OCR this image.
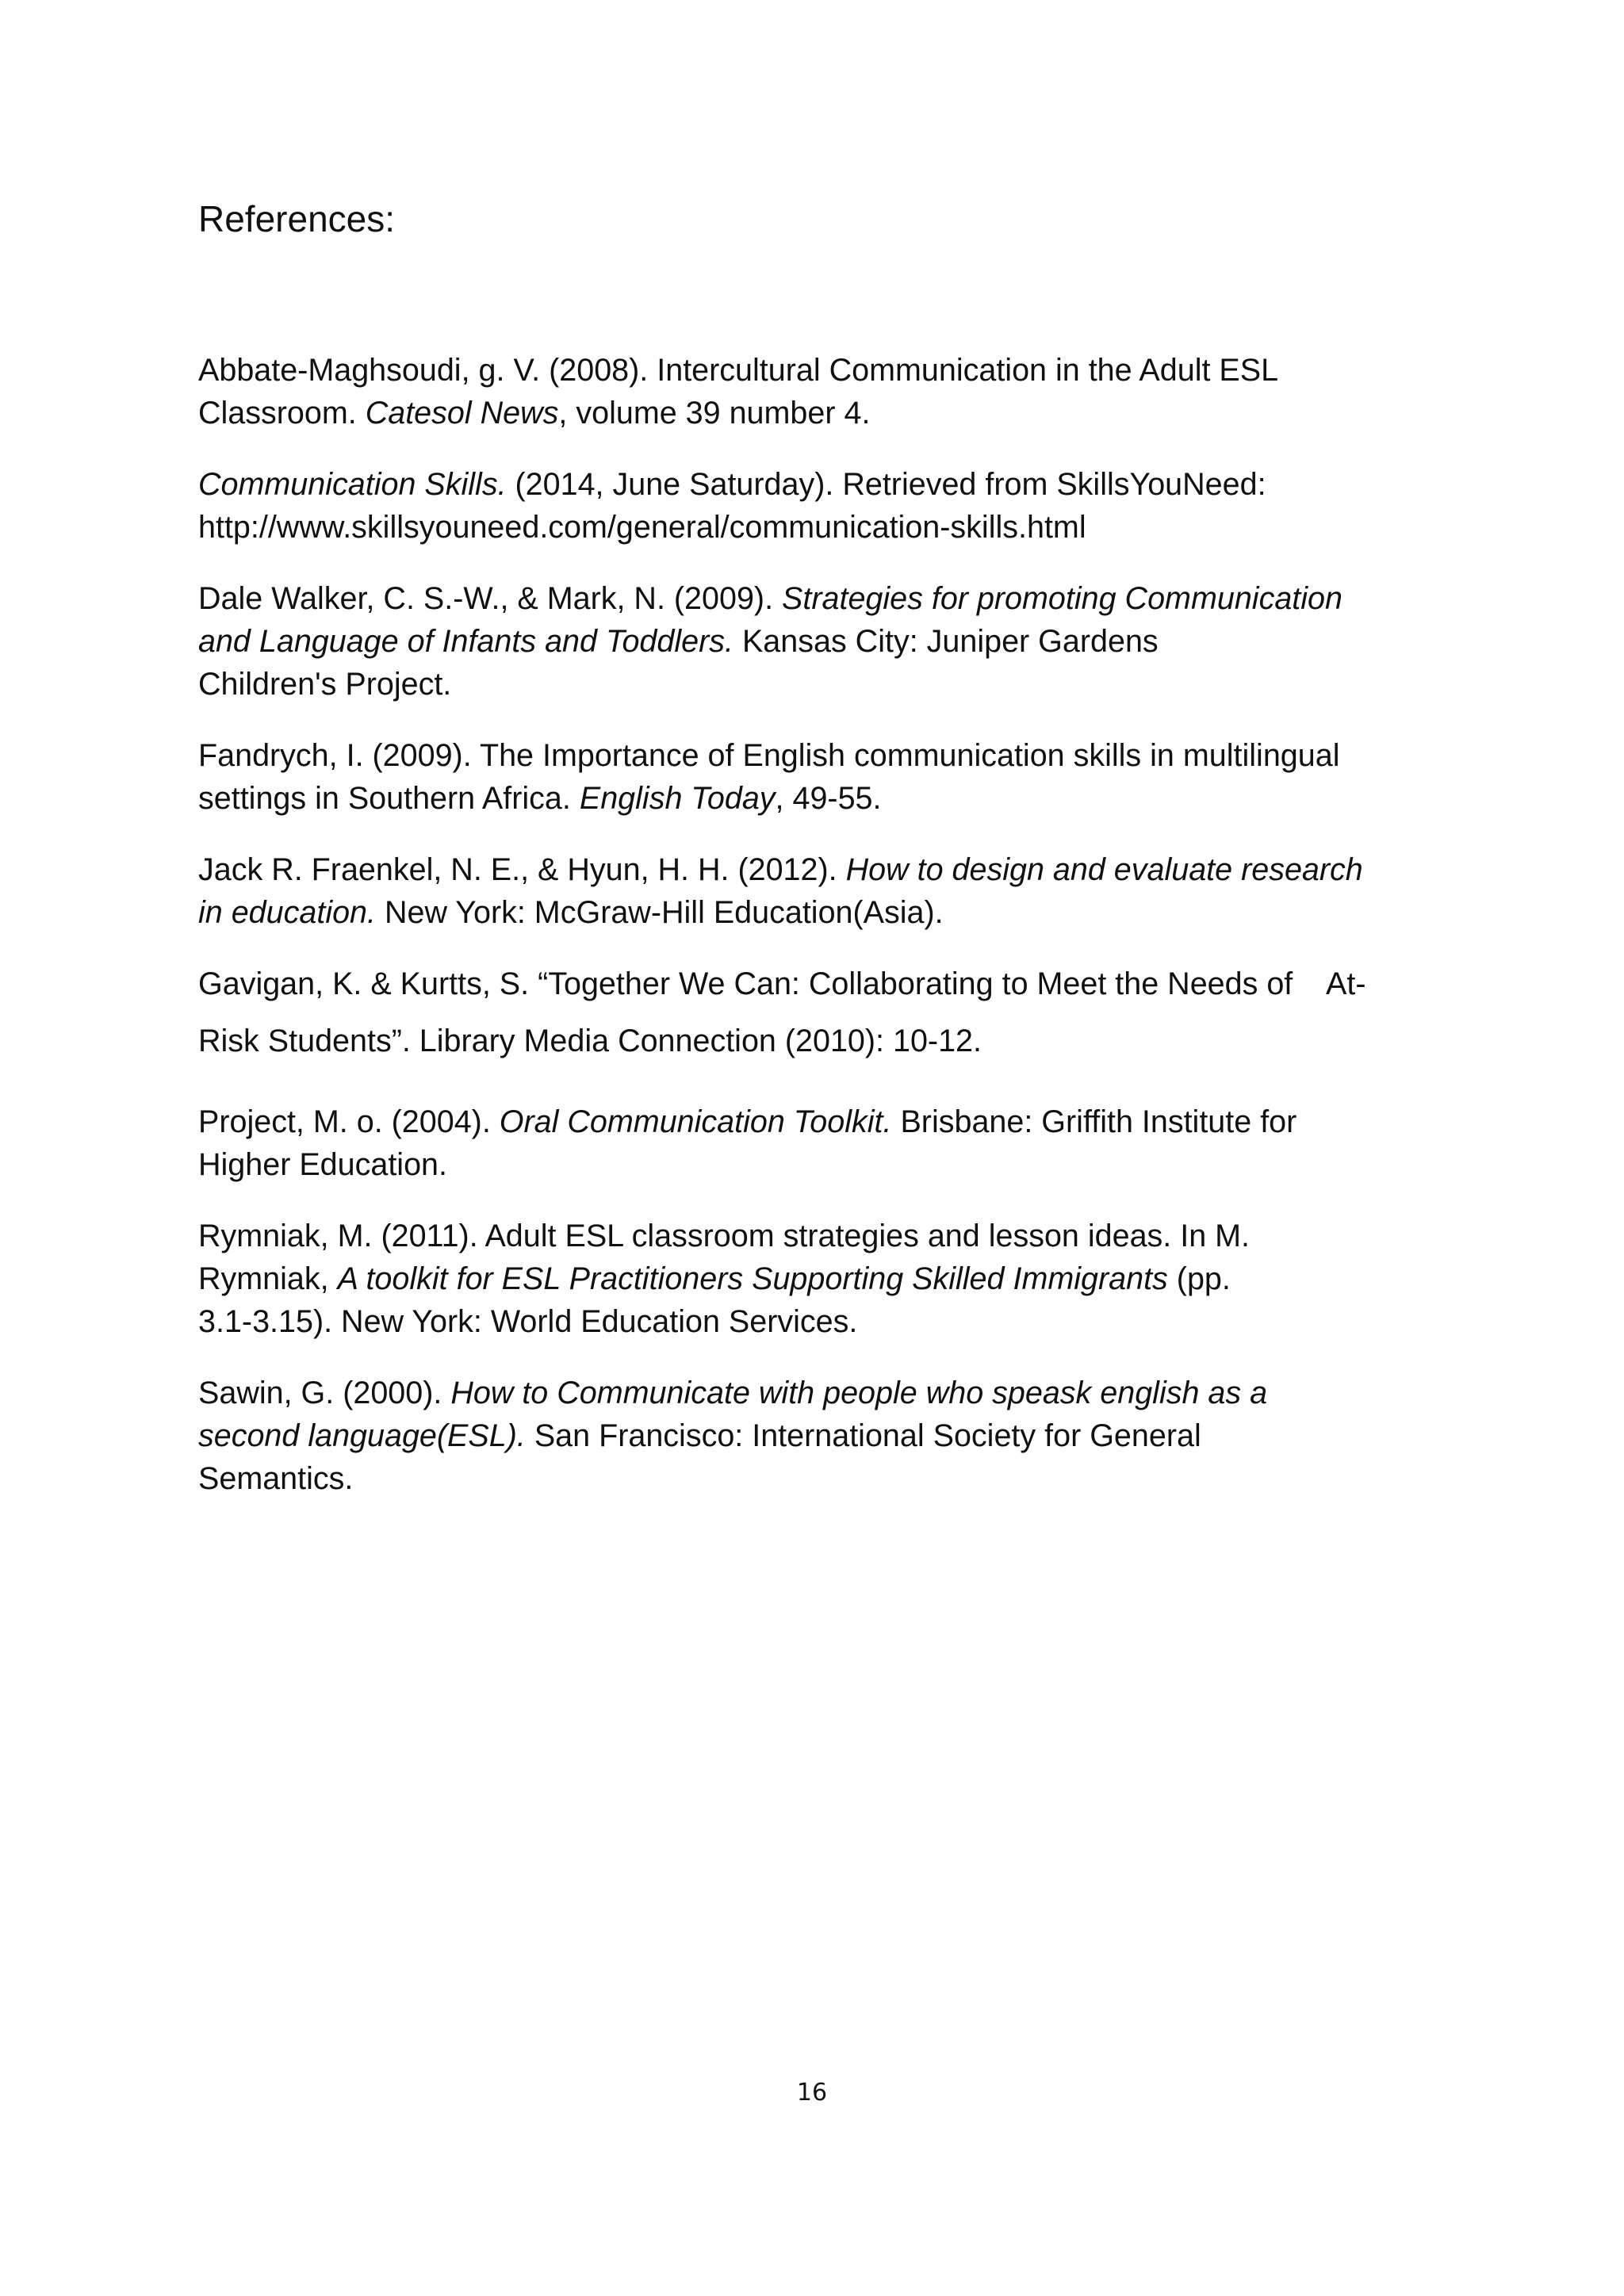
References:

Abbate-Maghsoudi, g. V. (2008). Intercultural Communication in the Adult ESL
Classroom. Catesol News, volume 39 number 4.

Communication Skills. (2014, June Saturday). Retrieved from SkillsYouNeed:
http://www.skillsyouneed.com/general/communication-skills.html

Dale Walker, C. S.-W., & Mark, N. (2009). Strategies for promoting Communication
and Language of Infants and Toddlers. Kansas City: Juniper Gardens
Children's Project.

Fandrych, I. (2009). The Importance of English communication skills in multilingual
settings in Southern Africa. English Today, 49-55.

Jack R. Fraenkel, N. E., & Hyun, H. H. (2012). How to design and evaluate research
in education. New York: McGraw-Hill Education(Asia).

Gavigan, K. & Kurtts, S. “Together We Can: Collaborating to Meet the Needs of    At-
Risk Students”. Library Media Connection (2010): 10-12.

Project, M. o. (2004). Oral Communication Toolkit. Brisbane: Griffith Institute for
Higher Education.

Rymniak, M. (2011). Adult ESL classroom strategies and lesson ideas. In M.
Rymniak, A toolkit for ESL Practitioners Supporting Skilled Immigrants (pp.
3.1-3.15). New York: World Education Services.

Sawin, G. (2000). How to Communicate with people who speask english as a
second language(ESL). San Francisco: International Society for General
Semantics.

16
